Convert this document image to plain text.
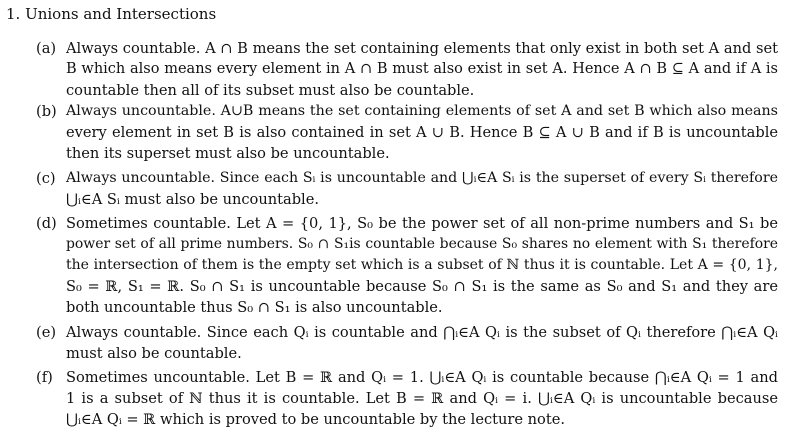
1. Unions and Intersections
(a) Always countable. A ∩ B means the set containing elements that only exist in both set A and set
B which also means every element in A ∩ B must also exist in set A. Hence A ∩ B ⊆ A and if A is
countable then all of its subset must also be countable.
(b) Always uncountable. A∪B means the set containing elements of set A and set B which also means
every element in set B is also contained in set A ∪ B. Hence B ⊆ A ∪ B and if B is uncountable
then its superset must also be uncountable.
(c) Always uncountable. Since each Sᵢ is uncountable and ⋃ᵢ∈A Sᵢ is the superset of every Sᵢ therefore
⋃ᵢ∈A Sᵢ must also be uncountable.
(d) Sometimes countable. Let A = {0, 1}, S₀ be the power set of all non-prime numbers and S₁ be
power set of all prime numbers. S₀ ∩ S₁is countable because S₀ shares no element with S₁ therefore
the intersection of them is the empty set which is a subset of ℕ thus it is countable. Let A = {0, 1},
S₀ = ℝ, S₁ = ℝ. S₀ ∩ S₁ is uncountable because S₀ ∩ S₁ is the same as S₀ and S₁ and they are
both uncountable thus S₀ ∩ S₁ is also uncountable.
(e) Always countable. Since each Qᵢ is countable and ⋂ᵢ∈A Qᵢ is the subset of Qᵢ therefore ⋂ᵢ∈A Qᵢ
must also be countable.
(f) Sometimes uncountable. Let B = ℝ and Qᵢ = 1. ⋃ᵢ∈A Qᵢ is countable because ⋂ᵢ∈A Qᵢ = 1 and
1 is a subset of ℕ thus it is countable. Let B = ℝ and Qᵢ = i. ⋃ᵢ∈A Qᵢ is uncountable because
⋃ᵢ∈A Qᵢ = ℝ which is proved to be uncountable by the lecture note.
